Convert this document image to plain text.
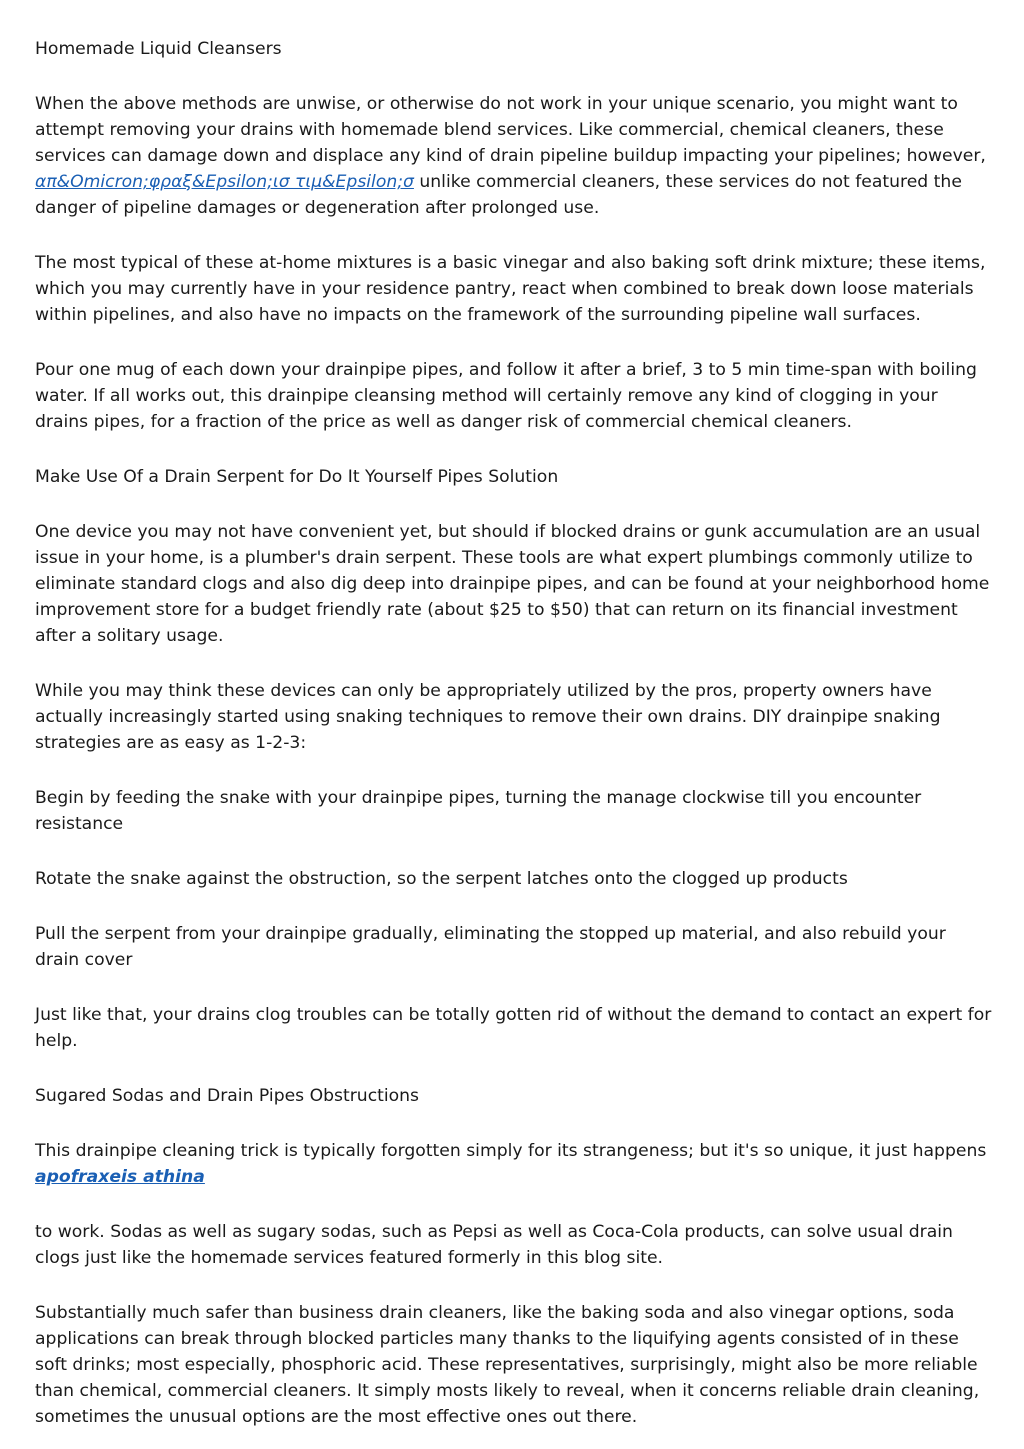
Homemade Liquid Cleansers

When the above methods are unwise, or otherwise do not work in your unique scenario, you might want to attempt removing your drains with homemade blend services. Like commercial, chemical cleaners, these services can damage down and displace any kind of drain pipeline buildup impacting your pipelines; however, απ&Omicron;φραξ&Epsilon;ισ τιμ&Epsilon;σ unlike commercial cleaners, these services do not featured the danger of pipeline damages or degeneration after prolonged use.

The most typical of these at-home mixtures is a basic vinegar and also baking soft drink mixture; these items, which you may currently have in your residence pantry, react when combined to break down loose materials within pipelines, and also have no impacts on the framework of the surrounding pipeline wall surfaces.

Pour one mug of each down your drainpipe pipes, and follow it after a brief, 3 to 5 min time-span with boiling water. If all works out, this drainpipe cleansing method will certainly remove any kind of clogging in your drains pipes, for a fraction of the price as well as danger risk of commercial chemical cleaners.

Make Use Of a Drain Serpent for Do It Yourself Pipes Solution

One device you may not have convenient yet, but should if blocked drains or gunk accumulation are an usual issue in your home, is a plumber's drain serpent. These tools are what expert plumbings commonly utilize to eliminate standard clogs and also dig deep into drainpipe pipes, and can be found at your neighborhood home improvement store for a budget friendly rate (about $25 to $50) that can return on its financial investment after a solitary usage.

While you may think these devices can only be appropriately utilized by the pros, property owners have actually increasingly started using snaking techniques to remove their own drains. DIY drainpipe snaking strategies are as easy as 1-2-3:

Begin by feeding the snake with your drainpipe pipes, turning the manage clockwise till you encounter resistance

Rotate the snake against the obstruction, so the serpent latches onto the clogged up products

Pull the serpent from your drainpipe gradually, eliminating the stopped up material, and also rebuild your drain cover

Just like that, your drains clog troubles can be totally gotten rid of without the demand to contact an expert for help.

Sugared Sodas and Drain Pipes Obstructions

This drainpipe cleaning trick is typically forgotten simply for its strangeness; but it's so unique, it just happens apofraxeis athina

to work. Sodas as well as sugary sodas, such as Pepsi as well as Coca-Cola products, can solve usual drain clogs just like the homemade services featured formerly in this blog site.

Substantially much safer than business drain cleaners, like the baking soda and also vinegar options, soda applications can break through blocked particles many thanks to the liquifying agents consisted of in these soft drinks; most especially, phosphoric acid. These representatives, surprisingly, might also be more reliable than chemical, commercial cleaners. It simply mosts likely to reveal, when it concerns reliable drain cleaning, sometimes the unusual options are the most effective ones out there.
